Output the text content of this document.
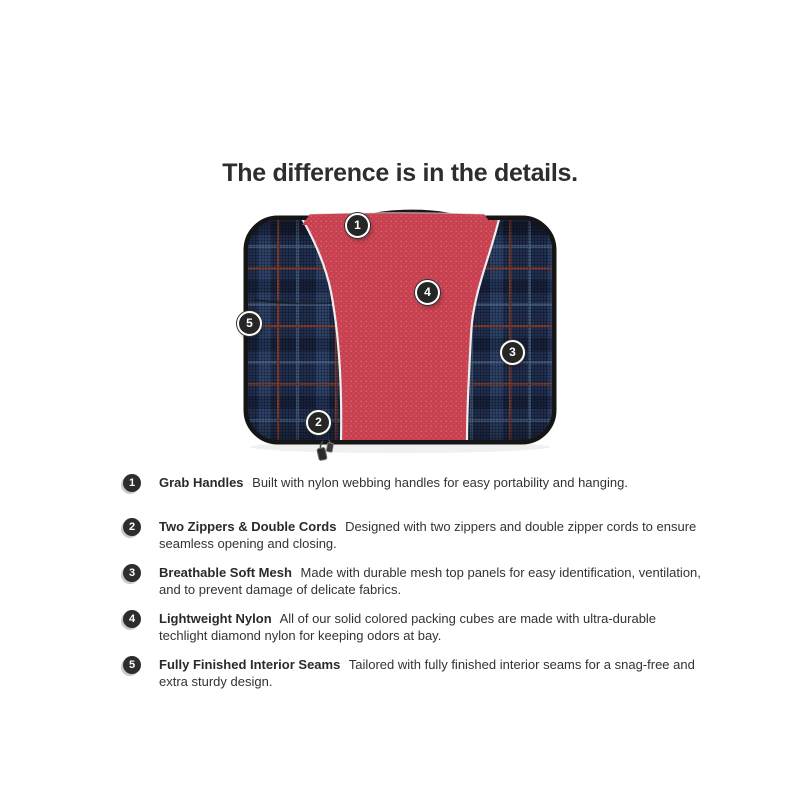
The difference is in the details.
1
2
3
4
5
1	Grab Handles Built with nylon webbing handles for easy portability and hanging.

2	Two Zippers & Double Cords Designed with two zippers and double zipper cords to ensure seamless opening and closing.

3	Breathable Soft Mesh Made with durable mesh top panels for easy identification, ventilation, and to prevent damage of delicate fabrics.

4	Lightweight Nylon All of our solid colored packing cubes are made with ultra-durable techlight diamond nylon for keeping odors at bay.

5	Fully Finished Interior Seams Tailored with fully finished interior seams for a snag-free and extra sturdy design.
